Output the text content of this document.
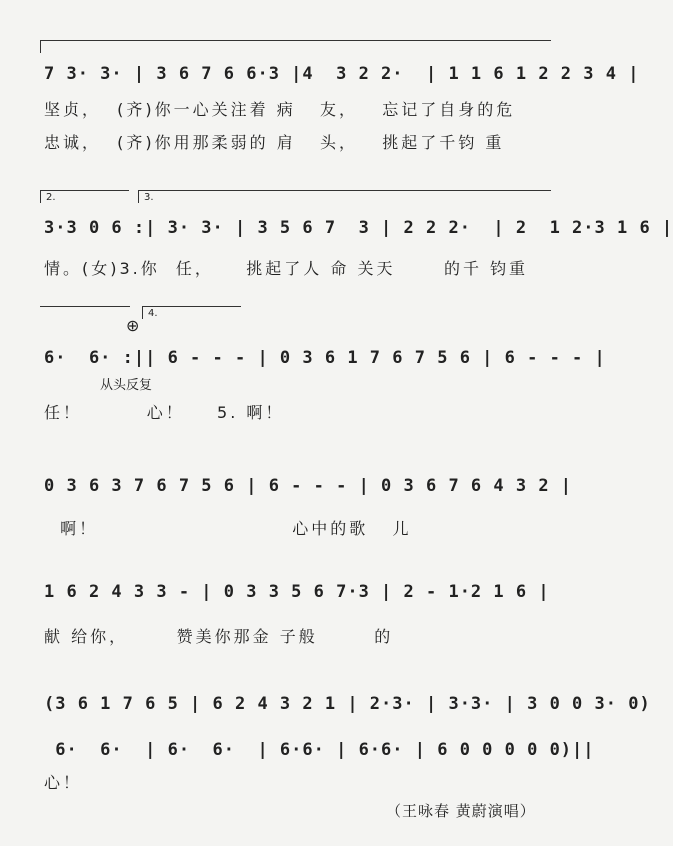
7 3· 3· | 3 6 7 6 6·3 |4  3 2 2·  | 1 1 6 1 2 2 3 4 |
坚贞，  (齐)你一心关注着 病   友，   忘记了自身的危
忠诚，  (齐)你用那柔弱的 肩   头，   挑起了千钧 重
2.	3.
3·3 0 6 :| 3· 3· | 3 5 6 7  3 | 2 2 2·  | 2  1 2·3 1 6 |
情。(女)3.你  任，    挑起了人 命 关天      的千 钧重
4.
⊕
6·  6· :|| 6 - - - | 0 3 6 1 7 6 7 5 6 | 6 - - - |
从头反复
任！        心！    5. 啊！
0 3 6 3 7 6 7 5 6 | 6 - - - | 0 3 6 7 6 4 3 2 |
啊！                        心中的歌   儿
1 6 2 4 3 3 - | 0 3 3 5 6 7·3 | 2 - 1·2 1 6 |
献 给你，      赞美你那金 子般       的
(3 6 1 7 6 5 | 6 2 4 3 2 1 | 2·3· | 3·3· | 3 0 0 3· 0)
6·  6·  | 6·  6·  | 6·6· | 6·6· | 6 0 0 0 0 0)||
心！
（王咏春 黄蔚演唱）
